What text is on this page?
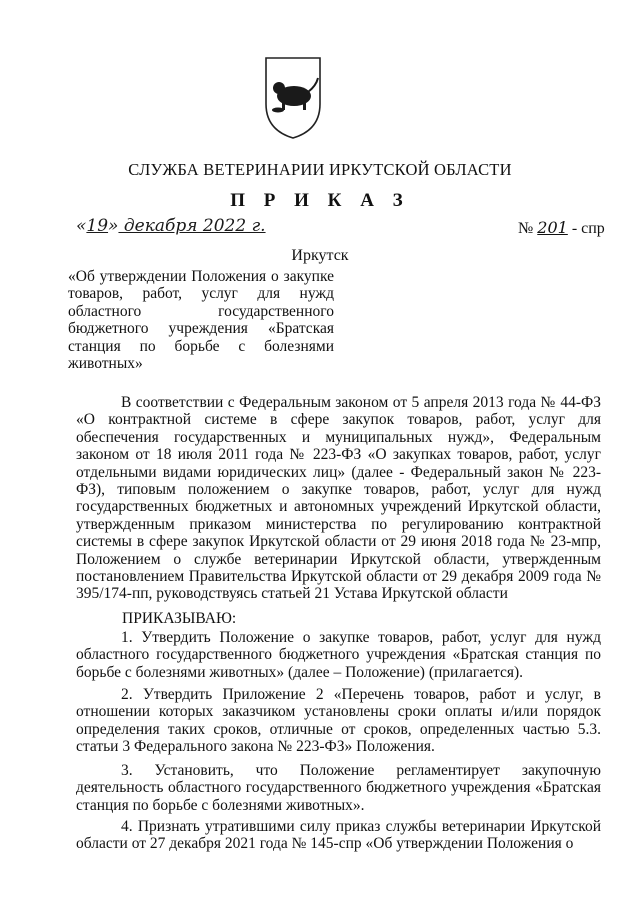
СЛУЖБА ВЕТЕРИНАРИИ ИРКУТСКОЙ ОБЛАСТИ
П Р И К А З
«19» декабря 2022 г.	№ 201 - спр
Иркутск
«Об утверждении Положения о закупке товаров, работ, услуг для нужд областного государственного бюджетного учреждения «Братская станция по борьбе с болезнями животных»

В соответствии с Федеральным законом от 5 апреля 2013 года № 44-ФЗ «О контрактной системе в сфере закупок товаров, работ, услуг для обеспечения государственных и муниципальных нужд», Федеральным законом от 18 июля 2011 года № 223-ФЗ «О закупках товаров, работ, услуг отдельными видами юридических лиц» (далее - Федеральный закон № 223-ФЗ), типовым положением о закупке товаров, работ, услуг для нужд государственных бюджетных и автономных учреждений Иркутской области, утвержденным приказом министерства по регулированию контрактной системы в сфере закупок Иркутской области от 29 июня 2018 года № 23-мпр, Положением о службе ветеринарии Иркутской области, утвержденным постановлением Правительства Иркутской области от 29 декабря 2009 года № 395/174-пп, руководствуясь статьей 21 Устава Иркутской области

ПРИКАЗЫВАЮ:

1. Утвердить Положение о закупке товаров, работ, услуг для нужд областного государственного бюджетного учреждения «Братская станция по борьбе с болезнями животных» (далее – Положение) (прилагается).

2. Утвердить Приложение 2 «Перечень товаров, работ и услуг, в отношении которых заказчиком установлены сроки оплаты и/или порядок определения таких сроков, отличные от сроков, определенных частью 5.3. статьи 3 Федерального закона № 223-ФЗ» Положения.

3. Установить, что Положение регламентирует закупочную деятельность областного государственного бюджетного учреждения «Братская станция по борьбе с болезнями животных».

4. Признать утратившими силу приказ службы ветеринарии Иркутской области от 27 декабря 2021 года № 145-спр «Об утверждении Положения о
